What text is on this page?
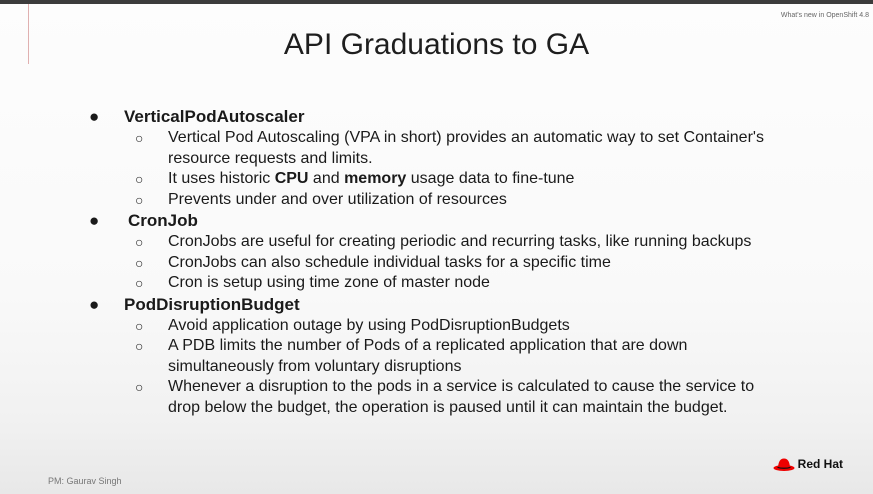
What's new in OpenShift 4.8
API Graduations to GA
● VerticalPodAutoscaler
○ Vertical Pod Autoscaling (VPA in short) provides an automatic way to set Container's
resource requests and limits.
○ It uses historic CPU and memory usage data to fine-tune
○ Prevents under and over utilization of resources
● CronJob
○ CronJobs are useful for creating periodic and recurring tasks, like running backups
○ CronJobs can also schedule individual tasks for a specific time
○ Cron is setup using time zone of master node
● PodDisruptionBudget
○ Avoid application outage by using PodDisruptionBudgets
○ A PDB limits the number of Pods of a replicated application that are down
simultaneously from voluntary disruptions
○ Whenever a disruption to the pods in a service is calculated to cause the service to
drop below the budget, the operation is paused until it can maintain the budget.
PM: Gaurav Singh
Red Hat
